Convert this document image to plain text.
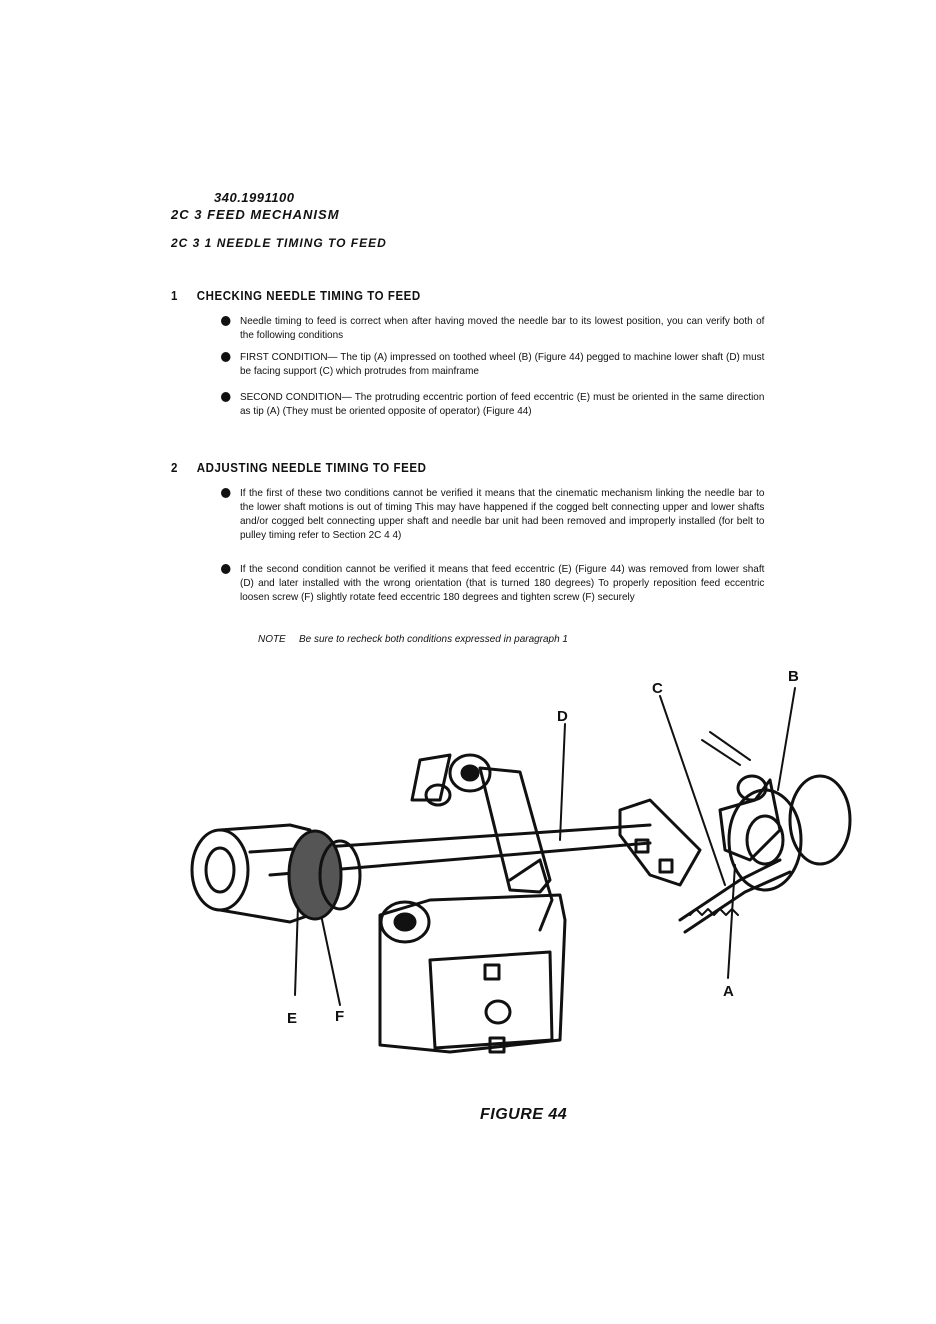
340.1991100
2C 3 FEED MECHANISM
2C 3 1 NEEDLE TIMING TO FEED
1 CHECKING NEEDLE TIMING TO FEED
Needle timing to feed is correct when after having moved the needle bar to its lowest position, you can verify both of the following conditions
FIRST CONDITION— The tip (A) impressed on toothed wheel (B) (Figure 44) pegged to machine lower shaft (D) must be facing support (C) which protrudes from mainframe
SECOND CONDITION— The protruding eccentric portion of feed eccentric (E) must be oriented in the same direction as tip (A) (They must be oriented opposite of operator) (Figure 44)
2 ADJUSTING NEEDLE TIMING TO FEED
If the first of these two conditions cannot be verified it means that the cinematic mechanism linking the needle bar to the lower shaft motions is out of timing This may have happened if the cogged belt connecting upper and lower shafts and/or cogged belt connecting upper shaft and needle bar unit had been removed and improperly installed (for belt to pulley timing refer to Section 2C 4 4)
If the second condition cannot be verified it means that feed eccentric (E) (Figure 44) was removed from lower shaft (D) and later installed with the wrong orientation (that is turned 180 degrees) To properly reposition feed eccentric loosen screw (F) slightly rotate feed eccentric 180 degrees and tighten screw (F) securely
NOTE Be sure to recheck both conditions expressed in paragraph 1
D
C
B
A
E	F
FIGURE 44
